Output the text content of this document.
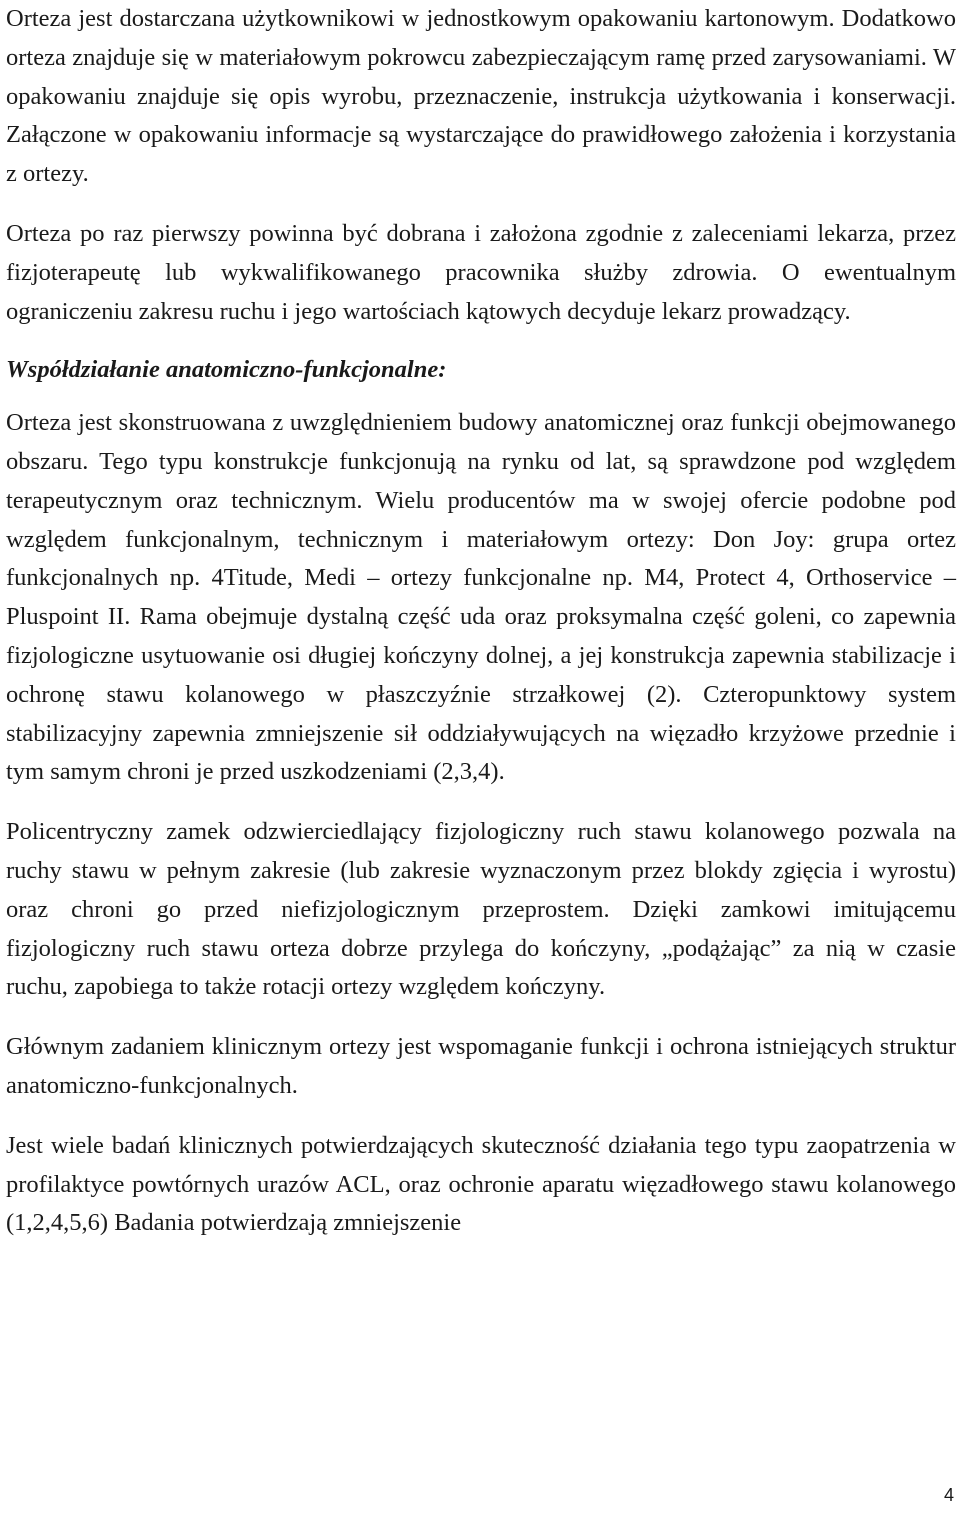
Orteza jest dostarczana użytkownikowi w jednostkowym opakowaniu kartonowym. Dodatkowo orteza znajduje się w materiałowym pokrowcu zabezpieczającym ramę przed zarysowaniami. W opakowaniu znajduje się opis wyrobu, przeznaczenie, instrukcja użytkowania i konserwacji. Załączone w opakowaniu informacje są wystarczające do prawidłowego założenia i korzystania z ortezy.

Orteza po raz pierwszy powinna być dobrana i założona zgodnie z zaleceniami lekarza, przez fizjoterapeutę lub wykwalifikowanego pracownika służby zdrowia. O ewentualnym ograniczeniu zakresu ruchu i jego wartościach kątowych decyduje lekarz prowadzący.

Współdziałanie anatomiczno-funkcjonalne:

Orteza jest skonstruowana z uwzględnieniem budowy anatomicznej oraz funkcji obejmowanego obszaru. Tego typu konstrukcje funkcjonują na rynku od lat, są sprawdzone pod względem terapeutycznym oraz technicznym. Wielu producentów ma w swojej ofercie podobne pod względem funkcjonalnym, technicznym i materiałowym ortezy: Don Joy: grupa ortez funkcjonalnych np. 4Titude, Medi – ortezy funkcjonalne np. M4, Protect 4, Orthoservice – Pluspoint II. Rama obejmuje dystalną część uda oraz proksymalna część goleni, co zapewnia fizjologiczne usytuowanie osi długiej kończyny dolnej, a jej konstrukcja zapewnia stabilizacje i ochronę stawu kolanowego w płaszczyźnie strzałkowej (2). Czteropunktowy system stabilizacyjny zapewnia zmniejszenie sił oddziaływujących na więzadło krzyżowe przednie i tym samym chroni je przed uszkodzeniami (2,3,4).

Policentryczny zamek odzwierciedlający fizjologiczny ruch stawu kolanowego pozwala na ruchy stawu w pełnym zakresie (lub zakresie wyznaczonym przez blokdy zgięcia i wyrostu) oraz chroni go przed niefizjologicznym przeprostem. Dzięki zamkowi imitującemu fizjologiczny ruch stawu orteza dobrze przylega do kończyny, „podążając” za nią w czasie ruchu, zapobiega to także rotacji ortezy względem kończyny.

Głównym zadaniem klinicznym ortezy jest wspomaganie funkcji i ochrona istniejących struktur anatomiczno-funkcjonalnych.

Jest wiele badań klinicznych potwierdzających skuteczność działania tego typu zaopatrzenia w profilaktyce powtórnych urazów ACL, oraz ochronie aparatu więzadłowego stawu kolanowego (1,2,4,5,6) Badania potwierdzają zmniejszenie

4
